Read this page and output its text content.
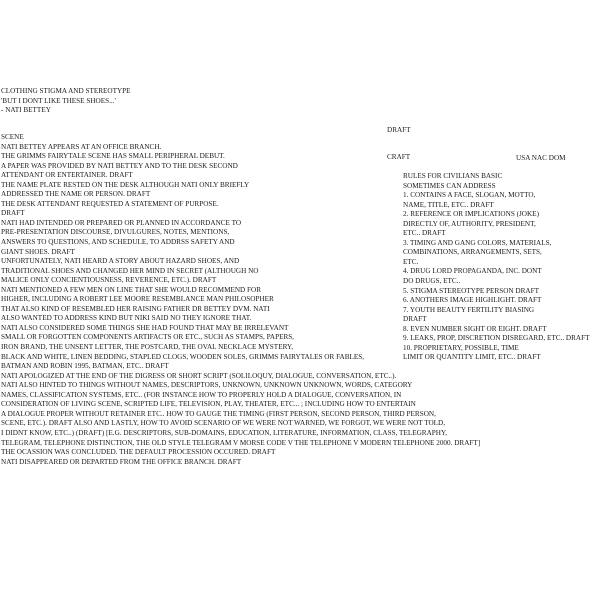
CLOTHING STIGMA AND STEREOTYPE
'BUT I DONT LIKE THESE SHOES...'
- NATI BETTEY
SCENE
NATI BETTEY APPEARS AT AN OFFICE BRANCH.
THE GRIMMS FAIRYTALE SCENE HAS SMALL PERIPHERAL DEBUT.
A PAPER WAS PROVIDED BY NATI BETTEY AND TO THE DESK SECOND
ATTENDANT OR ENTERTAINER. DRAFT
THE NAME PLATE RESTED ON THE DESK ALTHOUGH NATI ONLY BRIEFLY
ADDRESSED THE NAME OR PERSON. DRAFT
THE DESK ATTENDANT REQUESTED A STATEMENT OF PURPOSE.
DRAFT
NATI HAD INTENDED OR PREPARED OR PLANNED IN ACCORDANCE TO
PRE-PRESENTATION DISCOURSE, DIVULGURES, NOTES, MENTIONS,
ANSWERS TO QUESTIONS, AND SCHEDULE, TO ADDRSS SAFETY AND
GIANT SHOES. DRAFT
UNFORTUNATELY, NATI HEARD A STORY ABOUT HAZARD SHOES, AND
TRADITIONAL SHOES AND CHANGED HER MIND IN SECRET (ALTHOUGH NO
MALICE ONLY CONCIENTIOUSNESS, REVERENCE, ETC.). DRAFT
NATI MENTIONED A FEW MEN ON LINE THAT SHE WOULD RECOMMEND FOR
HIGHER, INCLUDING A ROBERT LEE MOORE RESEMBLANCE MAN PHILOSOPHER
THAT ALSO KIND OF RESEMBLED HER RAISING FATHER DR BETTEY DVM. NATI
ALSO WANTED TO ADDRESS KIND BUT NIKI SAID NO THEY IGNORE THAT.
NATI ALSO CONSIDERED SOME THINGS SHE HAD FOUND THAT MAY BE IRRELEVANT
SMALL OR FORGOTTEN COMPONENTS ARTIFACTS OR ETC., SUCH AS STAMPS, PAPERS,
IRON BRAND, THE UNSENT LETTER, THE POSTCARD, THE OVAL NECKLACE MYSTERY,
BLACK AND WHITE, LINEN BEDDING, STAPLED CLOGS, WOODEN SOLES, GRIMMS FAIRYTALES OR FABLES,
BATMAN AND ROBIN 1995, BATMAN, ETC.. DRAFT
NATI APOLOGIZED AT THE END OF THE DIGRESS OR SHORT SCRIPT (SOLILOQUY, DIALOGUE, CONVERSATION, ETC..).
NATI ALSO HINTED TO THINGS WITHOUT NAMES, DESCRIPTORS, UNKNOWN, UNKNOWN UNKNOWN, WORDS, CATEGORY
NAMES, CLASSIFICATION SYSTEMS, ETC.. (FOR INSTANCE HOW TO PROPERLY HOLD A DIALOGUE, CONVERSATION, IN
CONSIDERATION OF LIVING SCENE, SCRIPTED LIFE, TELEVISION, PLAY, THEATER, ETC... ; INCLUDING HOW TO ENTERTAIN
A DIALOGUE PROPER WITHOUT RETAINER ETC.. HOW TO GAUGE THE TIMING (FIRST PERSON, SECOND PERSON, THIRD PERSON,
SCENE, ETC.). DRAFT ALSO AND LASTLY, HOW TO AVOID SCENARIO OF WE WERE NOT WARNED, WE FORGOT, WE WERE NOT TOLD,
I DIDNT KNOW, ETC..) (DRAFT) [E.G. DESCRIPTORS, SUB-DOMAINS, EDUCATION, LITERATURE, INFORMATION, CLASS, TELEGRAPHY,
TELEGRAM, TELEPHONE DISTINCTION, THE OLD STYLE TELEGRAM V MORSE CODE V THE TELEPHONE V MODERN TELEPHONE 2000. DRAFT]
THE OCASSION WAS CONCLUDED. THE DEFAULT PROCESSION OCCURED. DRAFT
NATI DISAPPEARED OR DEPARTED FROM THE OFFICE BRANCH. DRAFT
DRAFT
CRAFT	USA NAC DOM
RULES FOR CIVILIANS BASIC
SOMETIMES CAN ADDRESS
1. CONTAINS A FACE, SLOGAN, MOTTO,
NAME, TITLE, ETC.. DRAFT
2. REFERENCE OR IMPLICATIONS (JOKE)
DIRECTLY OF, AUTHORITY, PRESIDENT,
ETC.. DRAFT
3. TIMING AND GANG COLORS, MATERIALS,
COMBINATIONS, ARRANGEMENTS, SETS,
ETC.
4. DRUG LORD PROPAGANDA, INC. DONT
DO DRUGS, ETC..
5. STIGMA STEREOTYPE PERSON DRAFT
6. ANOTHERS IMAGE HIGHLIGHT. DRAFT
7. YOUTH BEAUTY FERTILITY BIASING
DRAFT
8. EVEN NUMBER SIGHT OR EIGHT. DRAFT
9. LEAKS, PROP, DISCRETION DISREGARD, ETC.. DRAFT
10. PROPRIETARY, POSSIBLE, TIME
LIMIT OR QUANTITY LIMIT, ETC.. DRAFT
